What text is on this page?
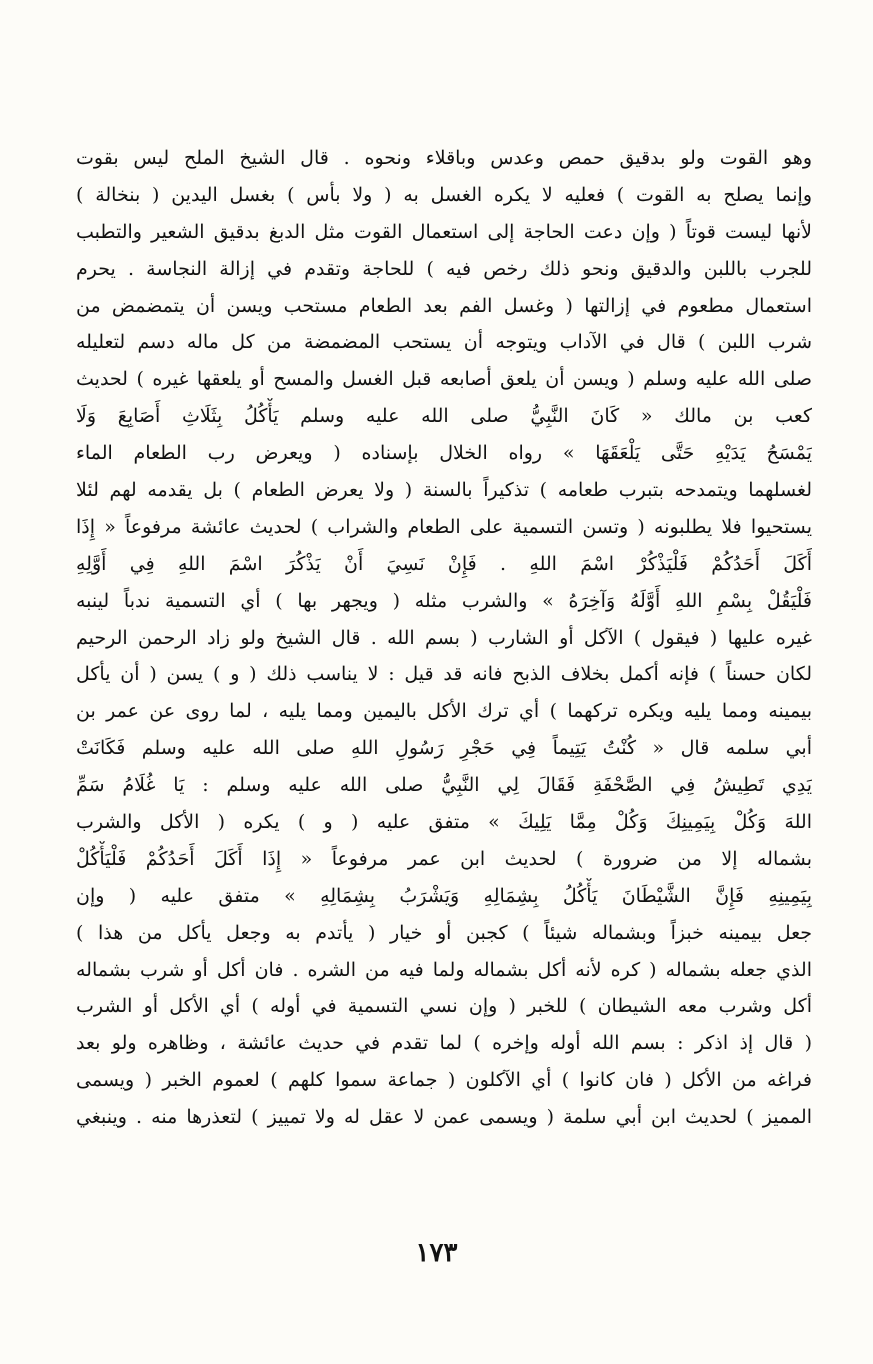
وهو القوت ولو بدقيق حمص وعدس وباقلاء ونحوه . قال الشيخ الملح ليس بقوت
وإنما يصلح به القوت ) فعليه لا يكره الغسل به ( ولا بأس ) بغسل اليدين ( بنخالة )
لأنها ليست قوتاً ( وإن دعت الحاجة إلى استعمال القوت مثل الدبغ بدقيق الشعير والتطبب
للجرب باللبن والدقيق ونحو ذلك رخص فيه ) للحاجة وتقدم في إزالة النجاسة . يحرم
استعمال مطعوم في إزالتها ( وغسل الفم بعد الطعام مستحب ويسن أن يتمضمض من
شرب اللبن ) قال في الآداب ويتوجه أن يستحب المضمضة من كل ماله دسم لتعليله
صلى الله عليه وسلم ( ويسن أن يلعق أصابعه قبل الغسل والمسح أو يلعقها غيره ) لحديث
كعب بن مالك « كَانَ النَّبِيُّ صلى الله عليه وسلم يَأْكُلُ بِثَلَاثِ أَصَابِعَ وَلَا
يَمْسَحُ يَدَيْهِ حَتَّى يَلْعَقَهَا » رواه الخلال بإسناده ( ويعرض رب الطعام الماء
لغسلهما ويتمدحه بتبرب طعامه ) تذكيراً بالسنة ( ولا يعرض الطعام ) بل يقدمه لهم لئلا
يستحيوا فلا يطلبونه ( وتسن التسمية على الطعام والشراب ) لحديث عائشة مرفوعاً « إِذَا
أَكَلَ أَحَدُكُمْ فَلْيَذْكُرْ اسْمَ اللهِ . فَإِنْ نَسِيَ أَنْ يَذْكُرَ اسْمَ اللهِ فِي أَوَّلِهِ
فَلْيَقُلْ بِسْمِ اللهِ أَوَّلَهُ وَآخِرَهُ » والشرب مثله ( ويجهر بها ) أي التسمية ندباً لينبه
غيره عليها ( فيقول ) الآكل أو الشارب ( بسم الله . قال الشيخ ولو زاد الرحمن الرحيم
لكان حسناً ) فإنه أكمل بخلاف الذبح فانه قد قيل : لا يناسب ذلك ( و ) يسن ( أن يأكل
بيمينه ومما يليه ويكره تركهما ) أي ترك الأكل باليمين ومما يليه ، لما روى عن عمر بن
أبي سلمه قال « كُنْتُ يَتِيماً فِي حَجْرِ رَسُولِ اللهِ صلى الله عليه وسلم فَكَانَتْ
يَدِي تَطِيشُ فِي الصَّحْفَةِ فَقَالَ لِي النَّبِيُّ صلى الله عليه وسلم : يَا غُلَامُ سَمِّ
اللهَ وَكُلْ بِيَمِينِكَ وَكُلْ مِمَّا يَلِيكَ » متفق عليه ( و ) يكره ( الأكل والشرب
بشماله إلا من ضرورة ) لحديث ابن عمر مرفوعاً « إِذَا أَكَلَ أَحَدُكُمْ فَلْيَأْكُلْ
بِيَمِينِهِ فَإِنَّ الشَّيْطَانَ يَأْكُلُ بِشِمَالِهِ وَيَشْرَبُ بِشِمَالِهِ » متفق عليه ( وإن
جعل بيمينه خبزاً وبشماله شيئاً ) كجبن أو خيار ( يأتدم به وجعل يأكل من هذا )
الذي جعله بشماله ( كره لأنه أكل بشماله ولما فيه من الشره . فان أكل أو شرب بشماله
أكل وشرب معه الشيطان ) للخبر ( وإن نسي التسمية في أوله ) أي الأكل أو الشرب
( قال إذ اذكر : بسم الله أوله وإخره ) لما تقدم في حديث عائشة ، وظاهره ولو بعد
فراغه من الأكل ( فان كانوا ) أي الآكلون ( جماعة سموا كلهم ) لعموم الخبر ( ويسمى
المميز ) لحديث ابن أبي سلمة ( ويسمى عمن لا عقل له ولا تمييز ) لتعذرها منه . وينبغي
١٧٣
